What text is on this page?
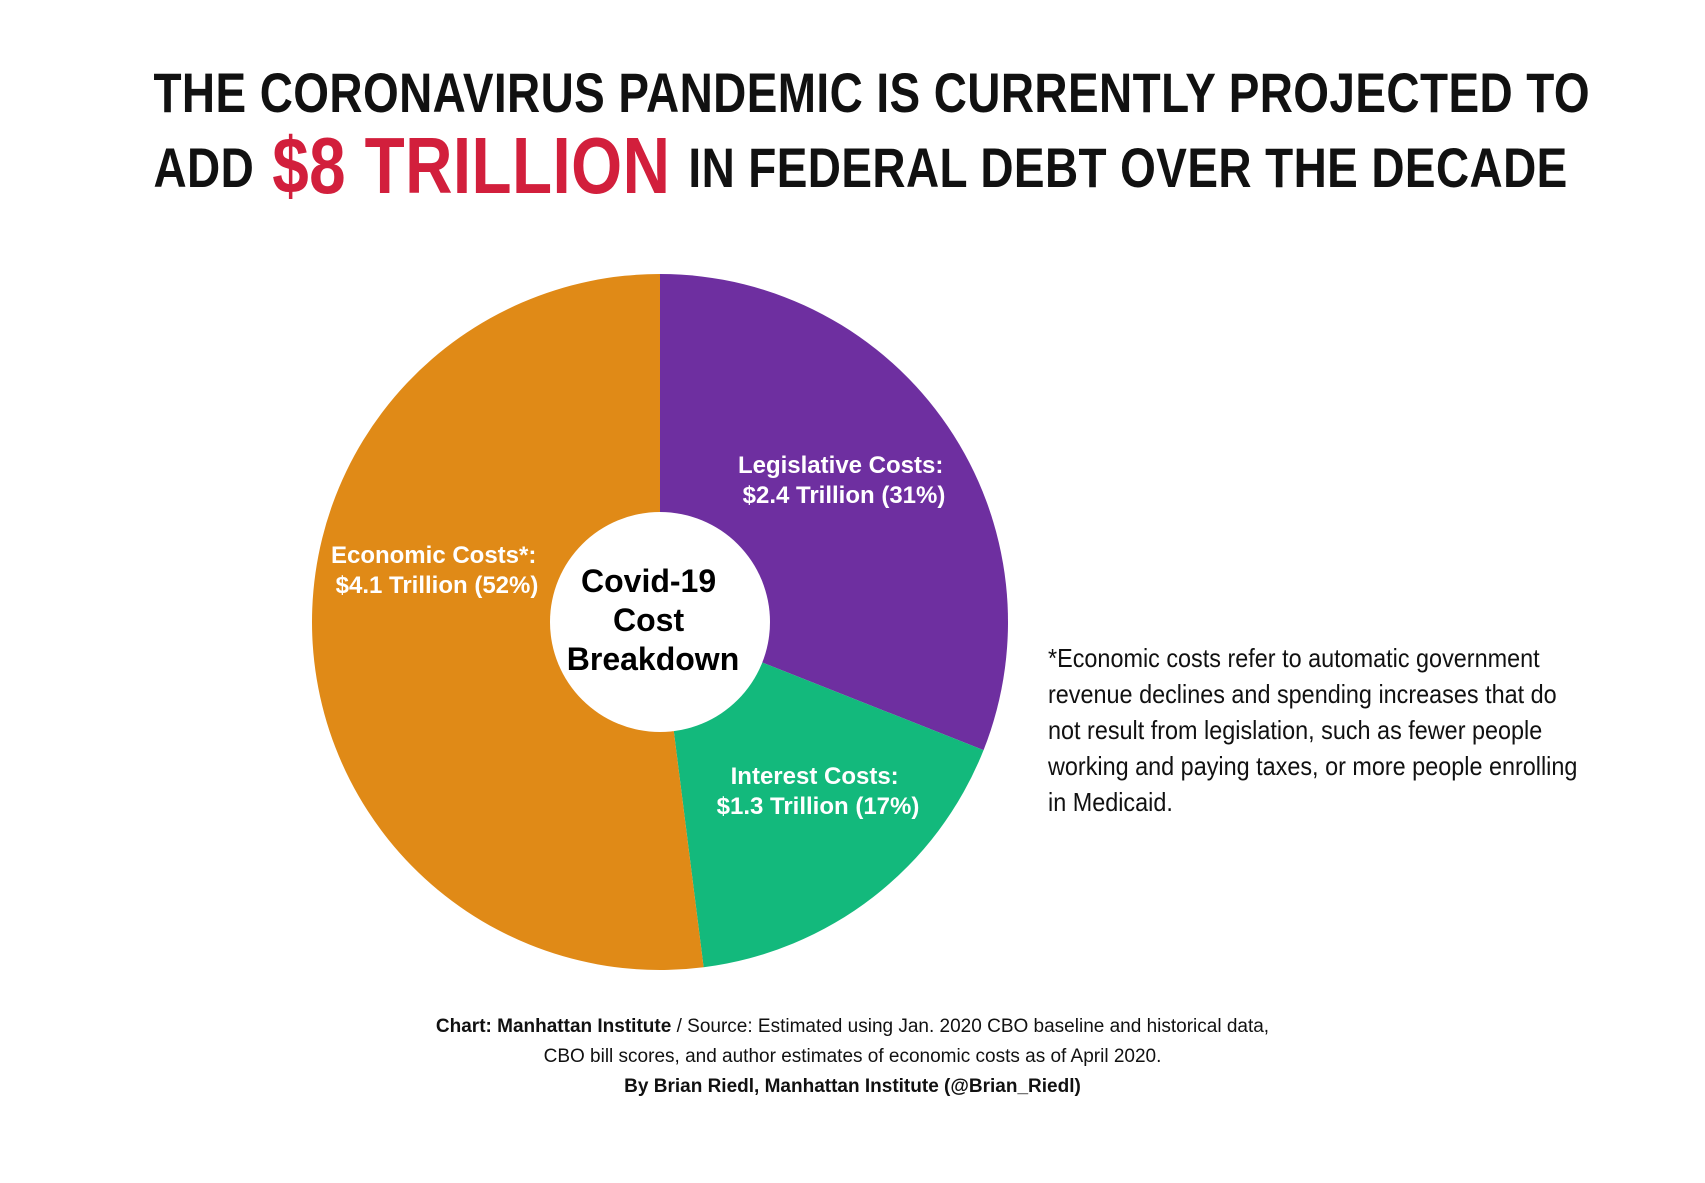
THE CORONAVIRUS PANDEMIC IS CURRENTLY PROJECTED TO
ADD $8 TRILLION IN FEDERAL DEBT OVER THE DECADE
Covid-19 Cost Breakdown
Legislative Costs: $2.4 Trillion (31%)
Interest Costs: $1.3 Trillion (17%)
Economic Costs*: $4.1 Trillion (52%)
*Economic costs refer to automatic government revenue declines and spending increases that do not result from legislation, such as fewer people working and paying taxes, or more people enrolling in Medicaid.
Chart: Manhattan Institute / Source: Estimated using Jan. 2020 CBO baseline and historical data,
CBO bill scores, and author estimates of economic costs as of April 2020.
By Brian Riedl, Manhattan Institute (@Brian_Riedl)
